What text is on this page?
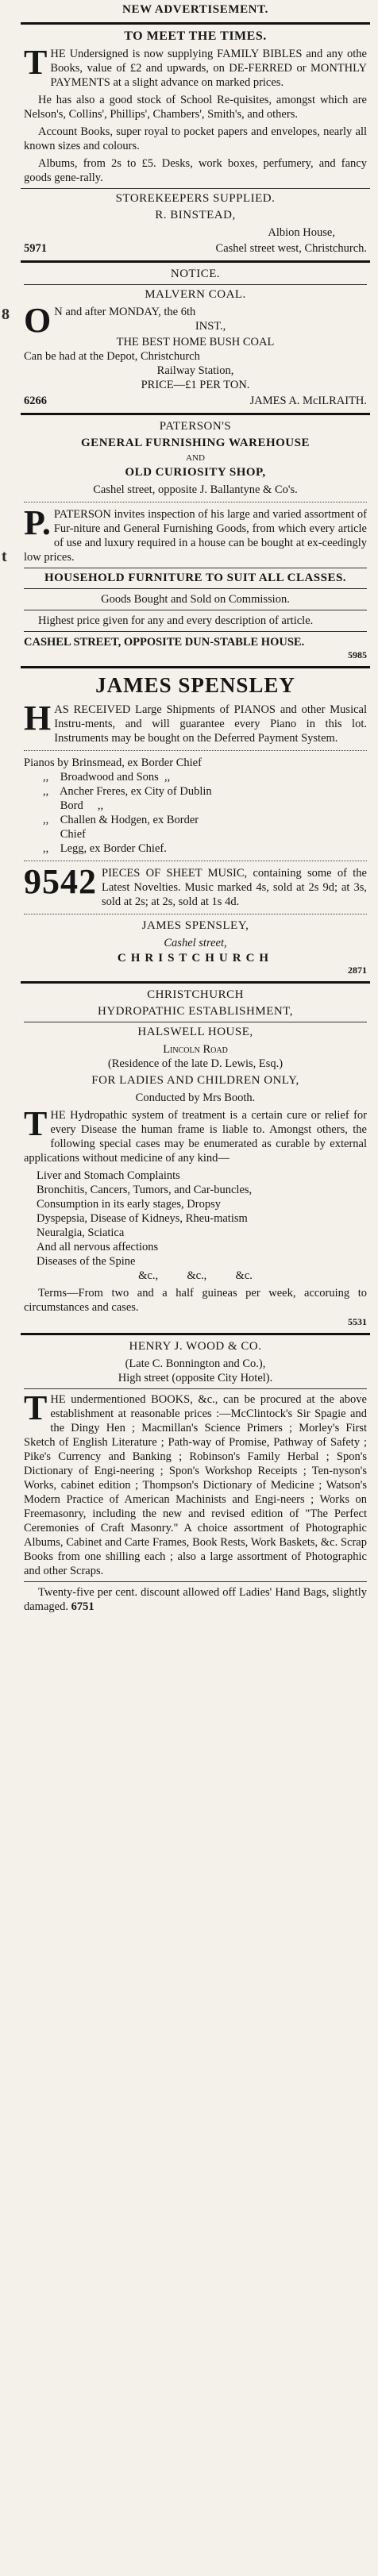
8
t
NEW ADVERTISEMENT.
TO MEET THE TIMES.

T HE Undersigned is now supplying FAMILY BIBLES and any othe Books, value of £2 and upwards, on DE-FERRED or MONTHLY PAYMENTS at a slight advance on marked prices.

He has also a good stock of School Re-quisites, amongst which are Nelson's, Collins', Phillips', Chambers', Smith's, and others.

Account Books, super royal to pocket papers and envelopes, nearly all known sizes and colours.

Albums, from 2s to £5. Desks, work boxes, perfumery, and fancy goods gene-rally.

STOREKEEPERS SUPPLIED.
R. BINSTEAD,
Albion House,
5971	Cashel street west, Christchurch.
NOTICE.
MALVERN COAL.
O N and after MONDAY, the 6th
INST.,
THE BEST HOME BUSH COAL
Can be had at the Depot, Christchurch
Railway Station,
PRICE—£1 PER TON.
6266	JAMES A. McILRAITH.
PATERSON'S
GENERAL FURNISHING WAREHOUSE
AND
OLD CURIOSITY SHOP,
Cashel street, opposite J. Ballantyne & Co's.

P. PATERSON invites inspection of his large and varied assortment of Fur-niture and General Furnishing Goods, from which every article of use and luxury required in a house can be bought at ex-ceedingly low prices.

HOUSEHOLD FURNITURE TO SUIT ALL CLASSES.

Goods Bought and Sold on Commission.

Highest price given for any and every description of article.

CASHEL STREET, OPPOSITE DUN-STABLE HOUSE.
5985
JAMES SPENSLEY

H AS RECEIVED Large Shipments of PIANOS and other Musical Instru-ments, and will guarantee every Piano in this lot. Instruments may be bought on the Deferred Payment System.

Pianos by Brinsmead, ex Border Chief
,,    Broadwood and Sons  ,,
,,    Ancher Freres, ex City of Dublin
Bord     ,,
,,    Challen & Hodgen, ex Border
Chief
,,    Legg, ex Border Chief.

9542 PIECES OF SHEET MUSIC, containing some of the Latest Novelties. Music marked 4s, sold at 2s 9d; at 3s, sold at 2s; at 2s, sold at 1s 4d.

JAMES SPENSLEY,
Cashel street,
CHRISTCHURCH
2871
CHRISTCHURCH
HYDROPATHIC ESTABLISHMENT,
HALSWELL HOUSE,
Lincoln Road
(Residence of the late D. Lewis, Esq.)
FOR LADIES AND CHILDREN ONLY,
Conducted by Mrs Booth.

T HE Hydropathic system of treatment is a certain cure or relief for every Disease the human frame is liable to. Amongst others, the following special cases may be enumerated as curable by external applications without medicine of any kind—

Liver and Stomach Complaints
Bronchitis, Cancers, Tumors, and Car-buncles,
Consumption in its early stages, Dropsy
Dyspepsia, Disease of Kidneys, Rheu-matism
Neuralgia, Sciatica
And all nervous affections
Diseases of the Spine
&c.,          &c.,          &c.

Terms—From two and a half guineas per week, accoruing to circumstances and cases.

5531
HENRY J. WOOD & CO.
(Late C. Bonnington and Co.),
High street (opposite City Hotel).

T HE undermentioned BOOKS, &c., can be procured at the above establishment at reasonable prices :—McClintock's Sir Spagie and the Dingy Hen ; Macmillan's Science Primers ; Morley's First Sketch of English Literature ; Path-way of Promise, Pathway of Safety ; Pike's Currency and Banking ; Robinson's Family Herbal ; Spon's Dictionary of Engi-neering ; Spon's Workshop Receipts ; Ten-nyson's Works, cabinet edition ; Thompson's Dictionary of Medicine ; Watson's Modern Practice of American Machinists and Engi-neers ; Works on Freemasonry, including the new and revised edition of "The Perfect Ceremonies of Craft Masonry." A choice assortment of Photographic Albums, Cabinet and Carte Frames, Book Rests, Work Baskets, &c. Scrap Books from one shilling each ; also a large assortment of Photographic and other Scraps.

Twenty-five per cent. discount allowed off Ladies' Hand Bags, slightly damaged. 6751
